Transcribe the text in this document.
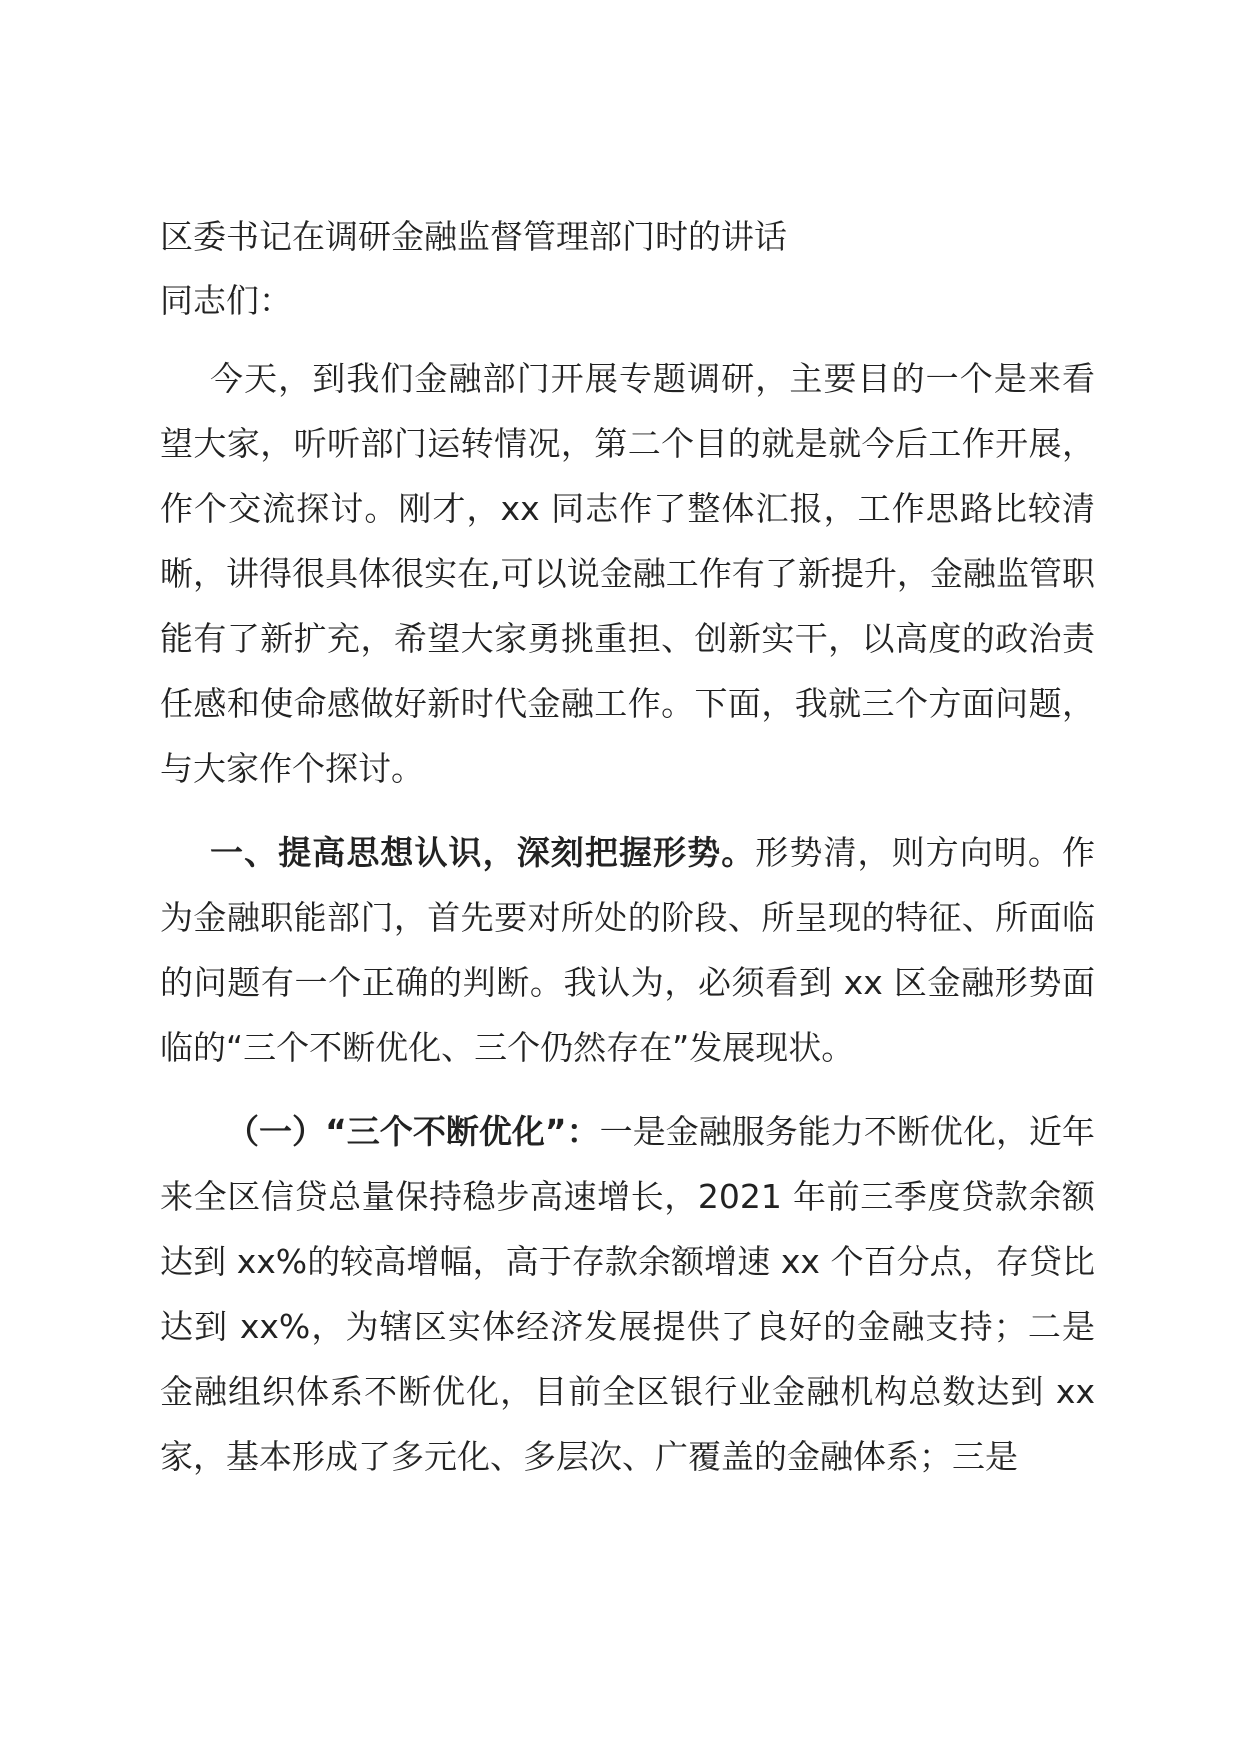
区委书记在调研金融监督管理部门时的讲话
同志们：

今天，到我们金融部门开展专题调研，主要目的一个是来看望大家，听听部门运转情况，第二个目的就是就今后工作开展，作个交流探讨。刚才，xx 同志作了整体汇报，工作思路比较清晰，讲得很具体很实在,可以说金融工作有了新提升，金融监管职能有了新扩充，希望大家勇挑重担、创新实干，以高度的政治责任感和使命感做好新时代金融工作。下面，我就三个方面问题，与大家作个探讨。

一、提高思想认识，深刻把握形势。形势清，则方向明。作为金融职能部门，首先要对所处的阶段、所呈现的特征、所面临的问题有一个正确的判断。我认为，必须看到 xx 区金融形势面临的“三个不断优化、三个仍然存在”发展现状。

（一）“三个不断优化”：一是金融服务能力不断优化，近年来全区信贷总量保持稳步高速增长，2021 年前三季度贷款余额达到 xx%的较高增幅，高于存款余额增速 xx 个百分点，存贷比达到 xx%，为辖区实体经济发展提供了良好的金融支持；二是金融组织体系不断优化，目前全区银行业金融机构总数达到 xx 家，基本形成了多元化、多层次、广覆盖的金融体系；三是
